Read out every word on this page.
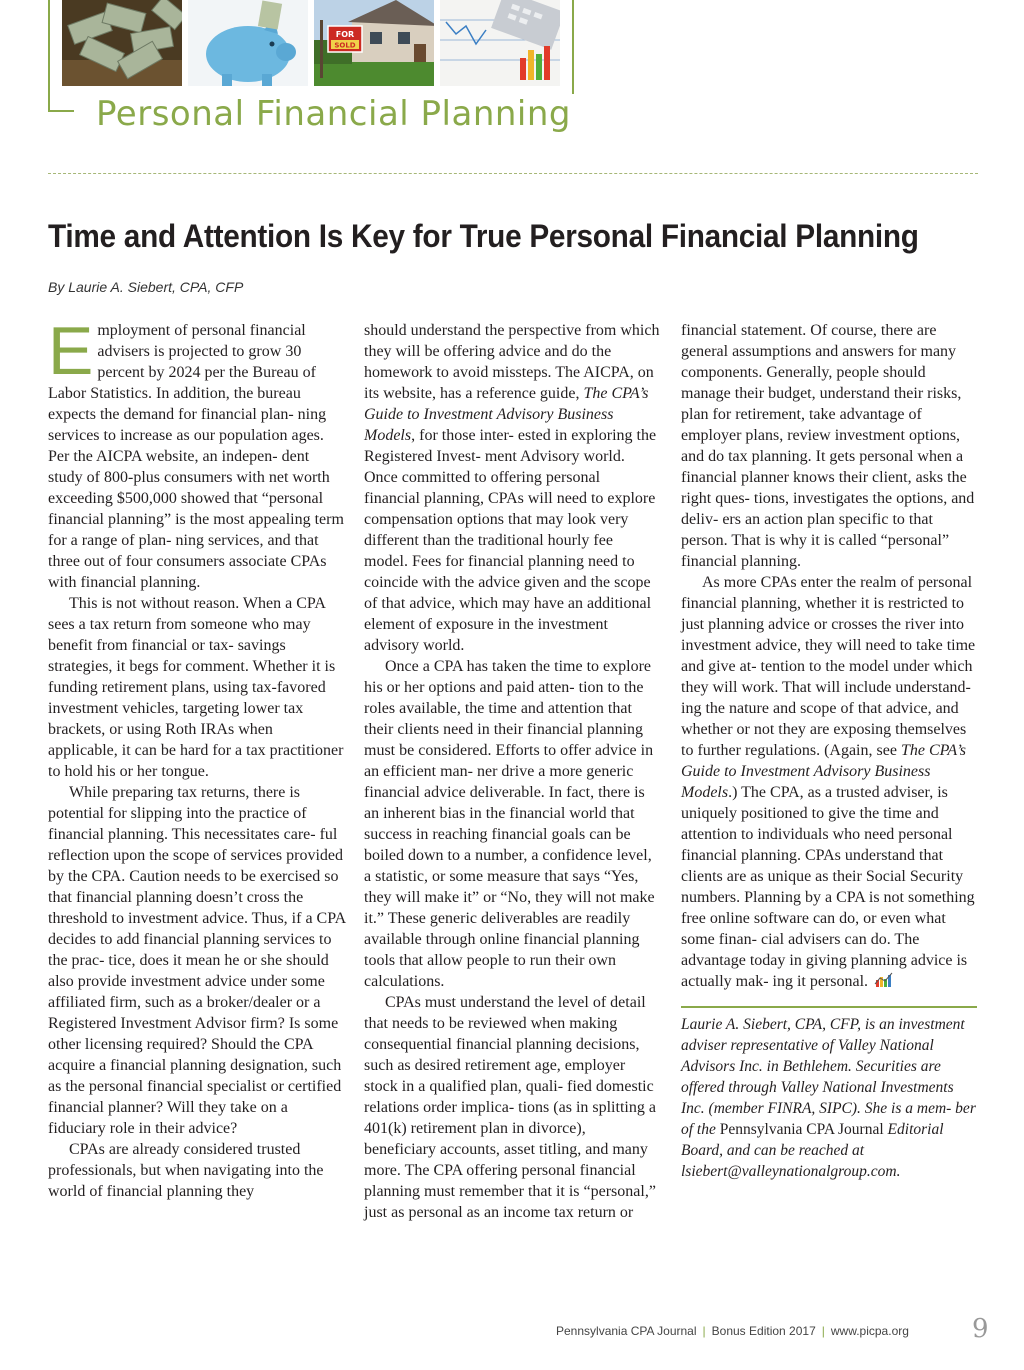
FOR
SOLD
Personal Financial Planning
Time and Attention Is Key for True Personal Financial Planning
By Laurie A. Siebert, CPA, CFP

Employment of personal financial advisers is projected to grow 30 percent by 2024 per the Bureau of Labor Statistics. In addition, the bureau expects the demand for financial plan- ning services to increase as our population ages. Per the AICPA website, an indepen- dent study of 800-plus consumers with net worth exceeding $500,000 showed that “personal financial planning” is the most appealing term for a range of plan- ning services, and that three out of four consumers associate CPAs with financial planning.

This is not without reason. When a CPA sees a tax return from someone who may benefit from financial or tax- savings strategies, it begs for comment. Whether it is funding retirement plans, using tax-favored investment vehicles, targeting lower tax brackets, or using Roth IRAs when applicable, it can be hard for a tax practitioner to hold his or her tongue.

While preparing tax returns, there is potential for slipping into the practice of financial planning. This necessitates care- ful reflection upon the scope of services provided by the CPA. Caution needs to be exercised so that financial planning doesn’t cross the threshold to investment advice. Thus, if a CPA decides to add financial planning services to the prac- tice, does it mean he or she should also provide investment advice under some affiliated firm, such as a broker/dealer or a Registered Investment Advisor firm? Is some other licensing required? Should the CPA acquire a financial planning designation, such as the personal financial specialist or certified financial planner? Will they take on a fiduciary role in their advice?

CPAs are already considered trusted professionals, but when navigating into the world of financial planning they

should understand the perspective from which they will be offering advice and do the homework to avoid missteps. The AICPA, on its website, has a reference guide, The CPA’s Guide to Investment Advisory Business Models, for those inter- ested in exploring the Registered Invest- ment Advisory world. Once committed to offering personal financial planning, CPAs will need to explore compensation options that may look very different than the traditional hourly fee model. Fees for financial planning need to coincide with the advice given and the scope of that advice, which may have an additional element of exposure in the investment advisory world.

Once a CPA has taken the time to explore his or her options and paid atten- tion to the roles available, the time and attention that their clients need in their financial planning must be considered. Efforts to offer advice in an efficient man- ner drive a more generic financial advice deliverable. In fact, there is an inherent bias in the financial world that success in reaching financial goals can be boiled down to a number, a confidence level, a statistic, or some measure that says “Yes, they will make it” or “No, they will not make it.” These generic deliverables are readily available through online financial planning tools that allow people to run their own calculations.

CPAs must understand the level of detail that needs to be reviewed when making consequential financial planning decisions, such as desired retirement age, employer stock in a qualified plan, quali- fied domestic relations order implica- tions (as in splitting a 401(k) retirement plan in divorce), beneficiary accounts, asset titling, and many more. The CPA offering personal financial planning must remember that it is “personal,” just as personal as an income tax return or

financial statement. Of course, there are general assumptions and answers for many components. Generally, people should manage their budget, understand their risks, plan for retirement, take advantage of employer plans, review investment options, and do tax planning. It gets personal when a financial planner knows their client, asks the right ques- tions, investigates the options, and deliv- ers an action plan specific to that person. That is why it is called “personal” financial planning.

As more CPAs enter the realm of personal financial planning, whether it is restricted to just planning advice or crosses the river into investment advice, they will need to take time and give at- tention to the model under which they will work. That will include understand- ing the nature and scope of that advice, and whether or not they are exposing themselves to further regulations. (Again, see The CPA’s Guide to Investment Advisory Business Models.) The CPA, as a trusted adviser, is uniquely positioned to give the time and attention to individuals who need personal financial planning. CPAs understand that clients are as unique as their Social Security numbers. Planning by a CPA is not something free online software can do, or even what some finan- cial advisers can do. The advantage today in giving planning advice is actually mak- ing it personal.

Laurie A. Siebert, CPA, CFP, is an investment adviser representative of Valley National Advisors Inc. in Bethlehem. Securities are offered through Valley National Investments Inc. (member FINRA, SIPC). She is a mem- ber of the Pennsylvania CPA Journal Editorial Board, and can be reached at lsiebert@valleynationalgroup.com.

Pennsylvania CPA Journal | Bonus Edition 2017 | www.picpa.org 9
